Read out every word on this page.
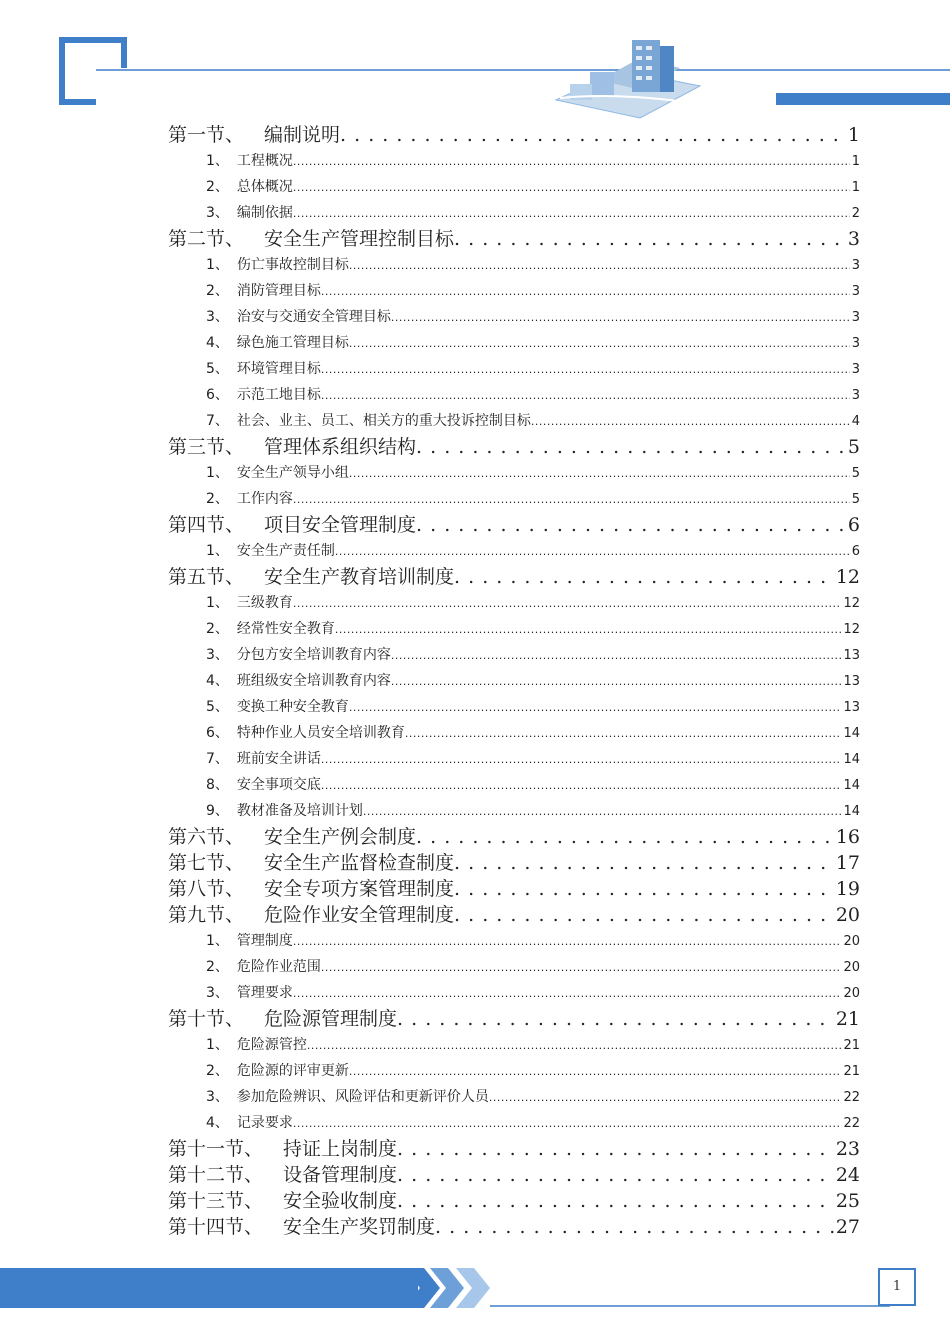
第一节、 编制说明 . . .	1
1、 工程概况 .....	1
2、 总体概况 .....	1
3、 编制依据 .....	2
第二节、 安全生产管理控制目标 . . .	3
1、 伤亡事故控制目标 .....	3
2、 消防管理目标 .....	3
3、 治安与交通安全管理目标 .....	3
4、 绿色施工管理目标 .....	3
5、 环境管理目标 .....	3
6、 示范工地目标 .....	3
7、 社会、业主、员工、相关方的重大投诉控制目标 .....	4
第三节、 管理体系组织结构 . . .	5
1、 安全生产领导小组 .....	5
2、 工作内容 .....	5
第四节、 项目安全管理制度 . . .	6
1、 安全生产责任制 .....	6
第五节、 安全生产教育培训制度 . . .	12
1、 三级教育 .....	12
2、 经常性安全教育 .....	12
3、 分包方安全培训教育内容 .....	13
4、 班组级安全培训教育内容 .....	13
5、 变换工种安全教育 .....	13
6、 特种作业人员安全培训教育 .....	14
7、 班前安全讲话 .....	14
8、 安全事项交底 .....	14
9、 教材准备及培训计划 .....	14
第六节、 安全生产例会制度 . . .	16
第七节、 安全生产监督检查制度 . . .	17
第八节、 安全专项方案管理制度 . . .	19
第九节、 危险作业安全管理制度 . . .	20
1、 管理制度 .....	20
2、 危险作业范围 .....	20
3、 管理要求 .....	20
第十节、 危险源管理制度 . . .	21
1、 危险源管控 .....	21
2、 危险源的评审更新 .....	21
3、 参加危险辨识、风险评估和更新评价人员 .....	22
4、 记录要求 .....	22
第十一节、 持证上岗制度 . . .	23
第十二节、 设备管理制度 . . .	24
第十三节、 安全验收制度 . . .	25
第十四节、 安全生产奖罚制度 . . .	27
1
